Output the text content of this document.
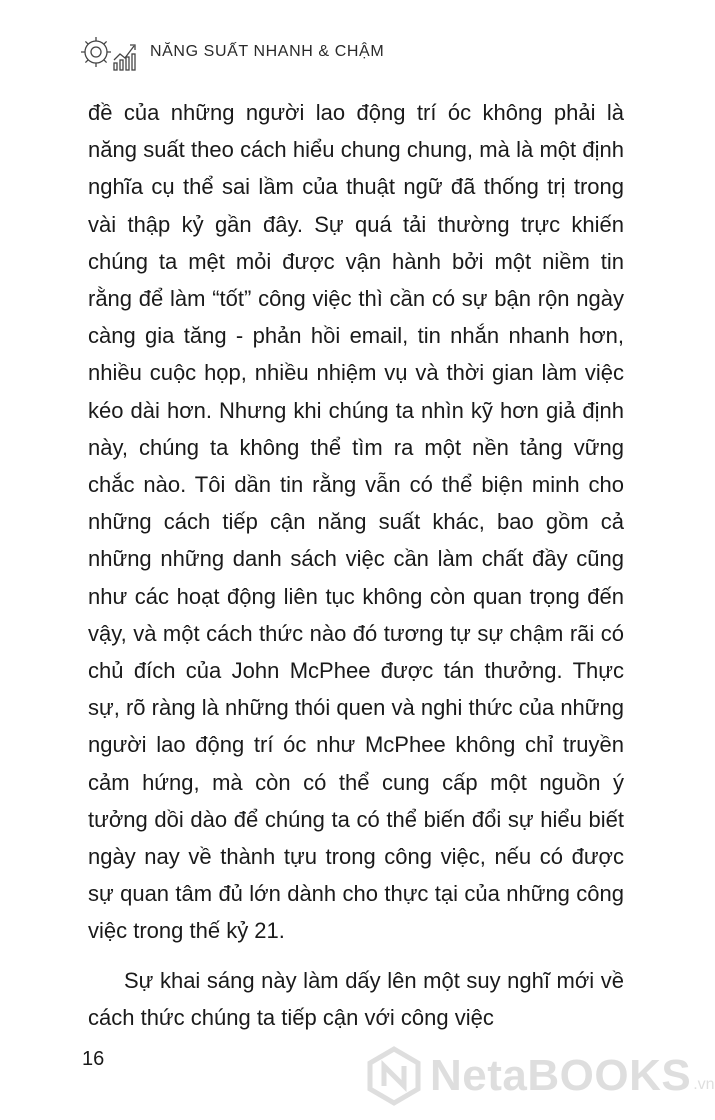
NĂNG SUẤT NHANH & CHẬM

đề của những người lao động trí óc không phải là năng suất theo cách hiểu chung chung, mà là một định nghĩa cụ thể sai lầm của thuật ngữ đã thống trị trong vài thập kỷ gần đây. Sự quá tải thường trực khiến chúng ta mệt mỏi được vận hành bởi một niềm tin rằng để làm “tốt” công việc thì cần có sự bận rộn ngày càng gia tăng - phản hồi email, tin nhắn nhanh hơn, nhiều cuộc họp, nhiều nhiệm vụ và thời gian làm việc kéo dài hơn. Nhưng khi chúng ta nhìn kỹ hơn giả định này, chúng ta không thể tìm ra một nền tảng vững chắc nào. Tôi dần tin rằng vẫn có thể biện minh cho những cách tiếp cận năng suất khác, bao gồm cả những những danh sách việc cần làm chất đầy cũng như các hoạt động liên tục không còn quan trọng đến vậy, và một cách thức nào đó tương tự sự chậm rãi có chủ đích của John McPhee được tán thưởng. Thực sự, rõ ràng là những thói quen và nghi thức của những người lao động trí óc như McPhee không chỉ truyền cảm hứng, mà còn có thể cung cấp một nguồn ý tưởng dồi dào để chúng ta có thể biến đổi sự hiểu biết ngày nay về thành tựu trong công việc, nếu có được sự quan tâm đủ lớn dành cho thực tại của những công việc trong thế kỷ 21.

Sự khai sáng này làm dấy lên một suy nghĩ mới về cách thức chúng ta tiếp cận với công việc

16	NetaBOOKS .vn
